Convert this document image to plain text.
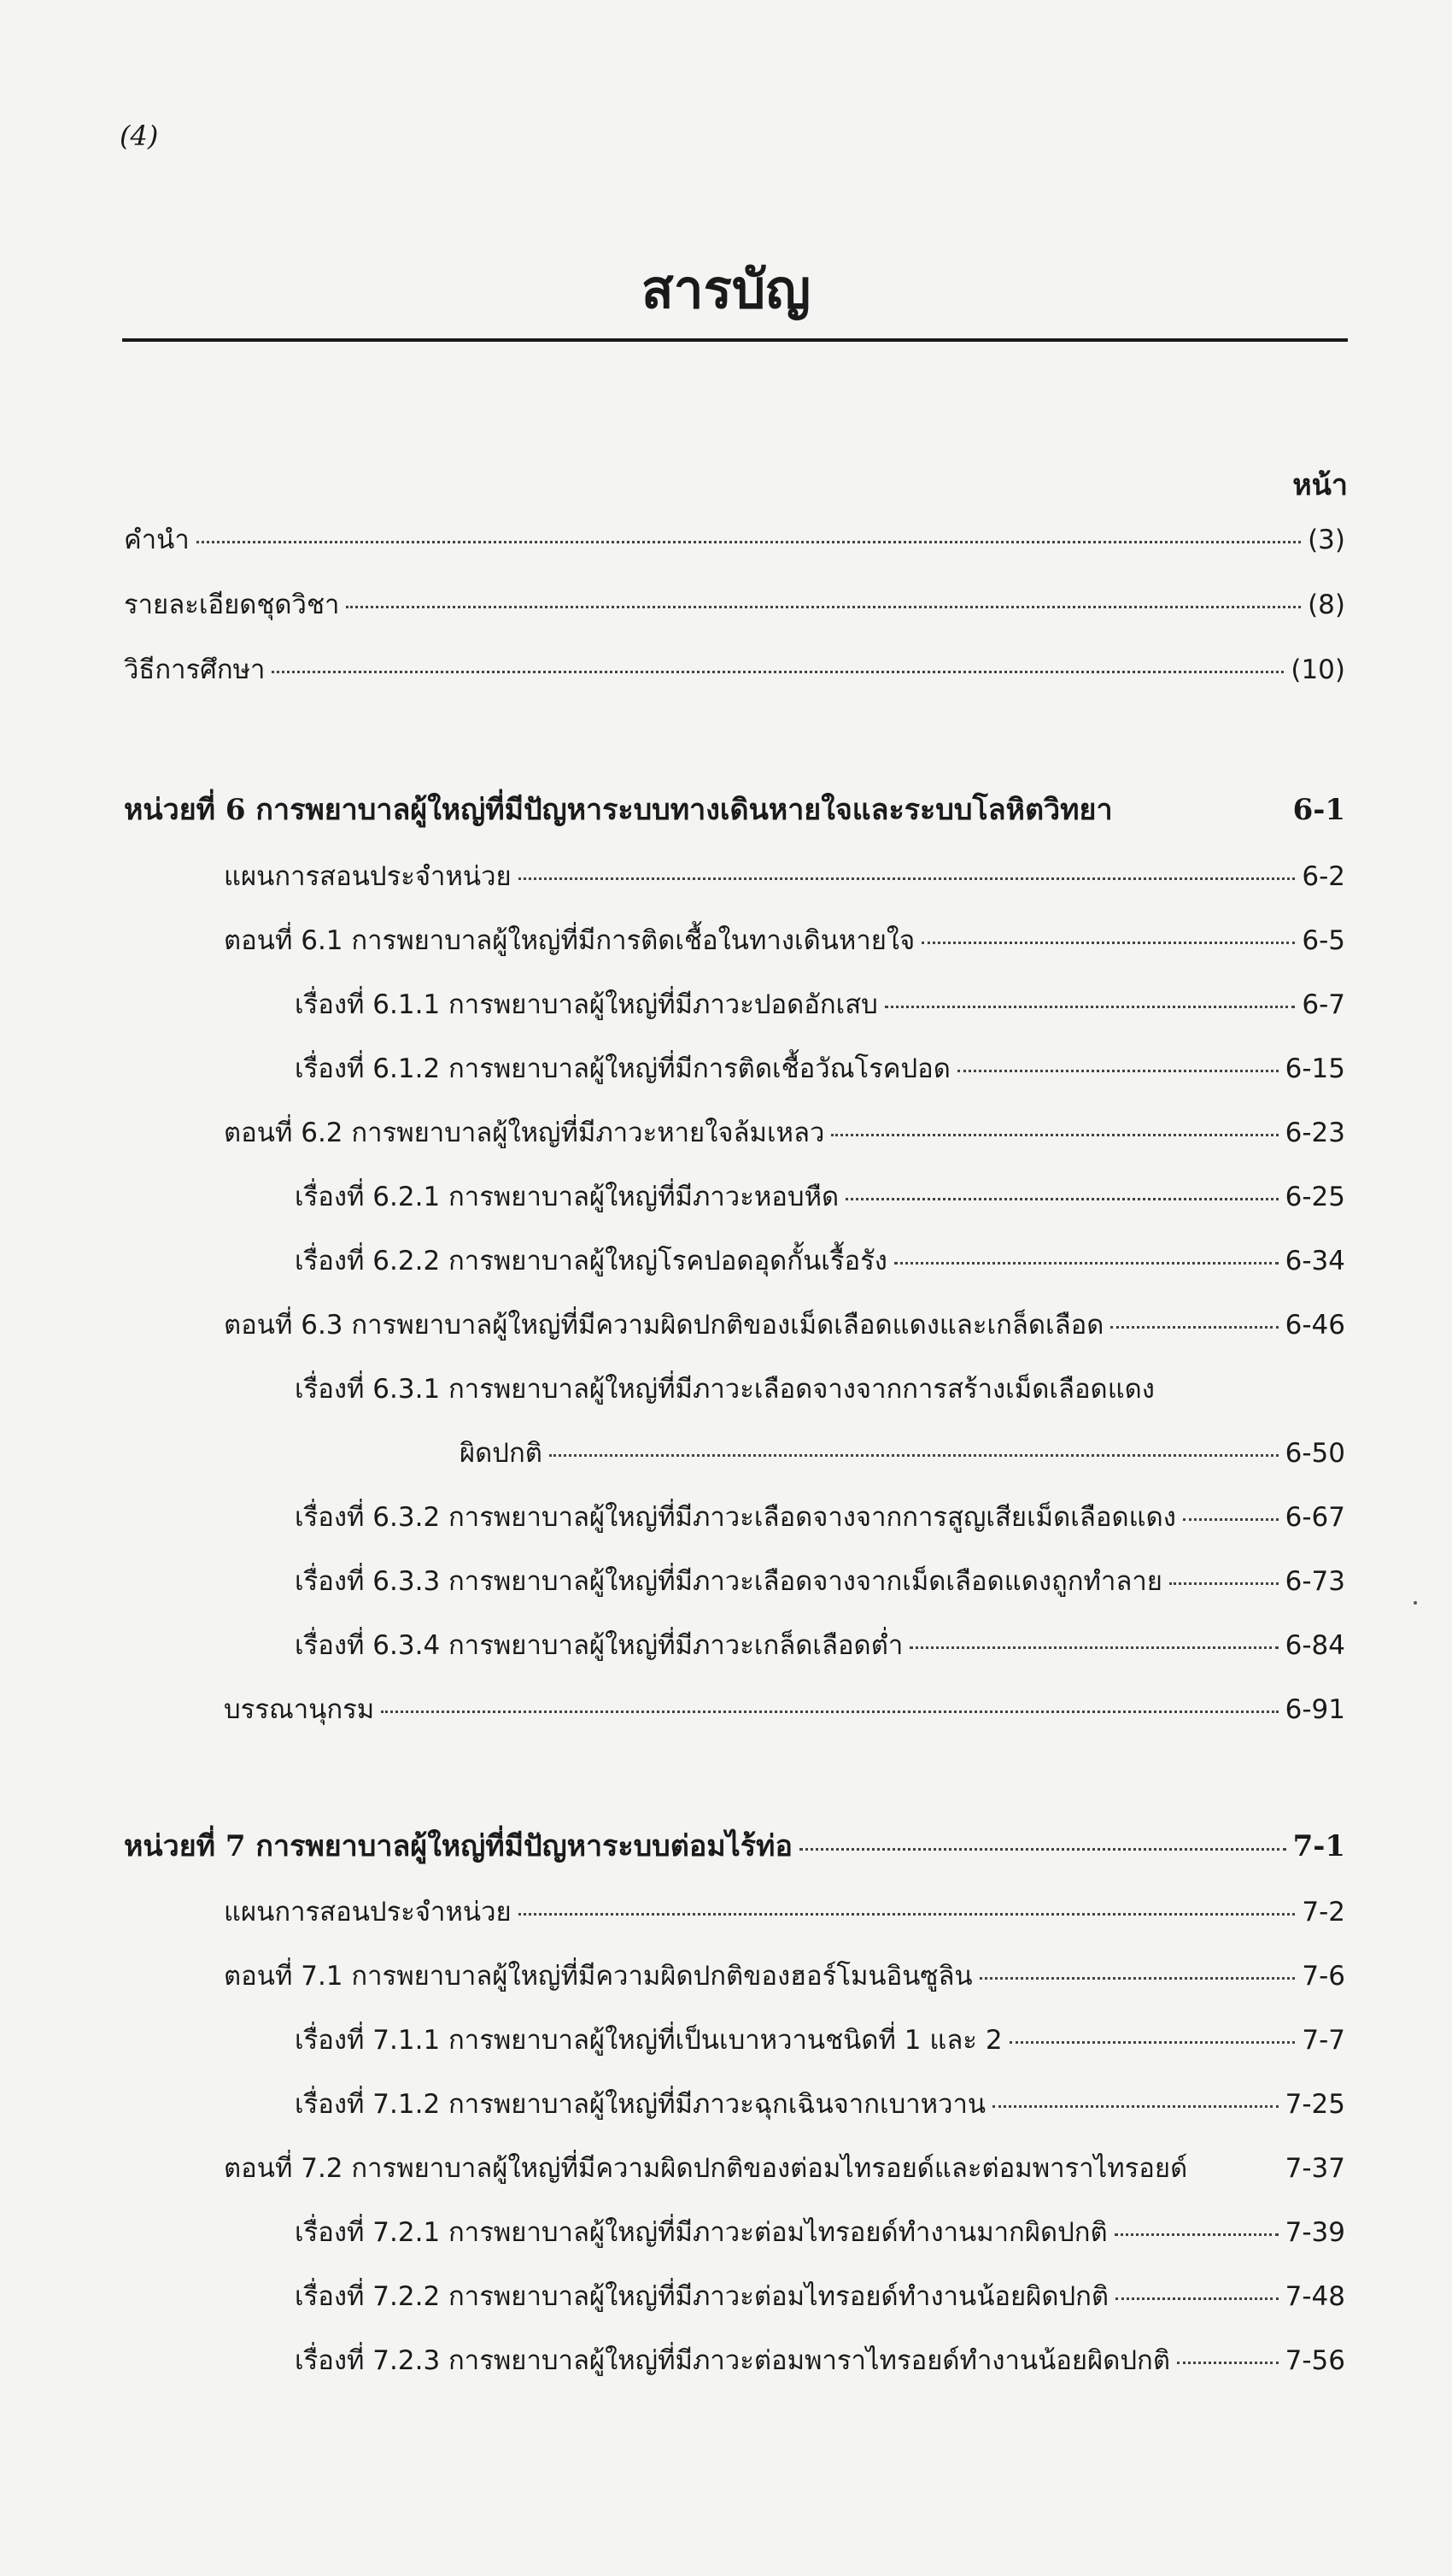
(4)
สารบัญ
หน้า
คำนำ	(3)
รายละเอียดชุดวิชา	(8)
วิธีการศึกษา	(10)
หน่วยที่ 6 การพยาบาลผู้ใหญ่ที่มีปัญหาระบบทางเดินหายใจและระบบโลหิตวิทยา	6-1
แผนการสอนประจำหน่วย	6-2
ตอนที่ 6.1 การพยาบาลผู้ใหญ่ที่มีการติดเชื้อในทางเดินหายใจ	6-5
เรื่องที่ 6.1.1 การพยาบาลผู้ใหญ่ที่มีภาวะปอดอักเสบ	6-7
เรื่องที่ 6.1.2 การพยาบาลผู้ใหญ่ที่มีการติดเชื้อวัณโรคปอด	6-15
ตอนที่ 6.2 การพยาบาลผู้ใหญ่ที่มีภาวะหายใจล้มเหลว	6-23
เรื่องที่ 6.2.1 การพยาบาลผู้ใหญ่ที่มีภาวะหอบหืด	6-25
เรื่องที่ 6.2.2 การพยาบาลผู้ใหญ่โรคปอดอุดกั้นเรื้อรัง	6-34
ตอนที่ 6.3 การพยาบาลผู้ใหญ่ที่มีความผิดปกติของเม็ดเลือดแดงและเกล็ดเลือด	6-46
เรื่องที่ 6.3.1 การพยาบาลผู้ใหญ่ที่มีภาวะเลือดจางจากการสร้างเม็ดเลือดแดง
ผิดปกติ	6-50
เรื่องที่ 6.3.2 การพยาบาลผู้ใหญ่ที่มีภาวะเลือดจางจากการสูญเสียเม็ดเลือดแดง	6-67
เรื่องที่ 6.3.3 การพยาบาลผู้ใหญ่ที่มีภาวะเลือดจางจากเม็ดเลือดแดงถูกทำลาย	6-73
เรื่องที่ 6.3.4 การพยาบาลผู้ใหญ่ที่มีภาวะเกล็ดเลือดต่ำ	6-84
บรรณานุกรม	6-91
หน่วยที่ 7 การพยาบาลผู้ใหญ่ที่มีปัญหาระบบต่อมไร้ท่อ	7-1
แผนการสอนประจำหน่วย	7-2
ตอนที่ 7.1 การพยาบาลผู้ใหญ่ที่มีความผิดปกติของฮอร์โมนอินซูลิน	7-6
เรื่องที่ 7.1.1 การพยาบาลผู้ใหญ่ที่เป็นเบาหวานชนิดที่ 1 และ 2	7-7
เรื่องที่ 7.1.2 การพยาบาลผู้ใหญ่ที่มีภาวะฉุกเฉินจากเบาหวาน	7-25
ตอนที่ 7.2 การพยาบาลผู้ใหญ่ที่มีความผิดปกติของต่อมไทรอยด์และต่อมพาราไทรอยด์	7-37
เรื่องที่ 7.2.1 การพยาบาลผู้ใหญ่ที่มีภาวะต่อมไทรอยด์ทำงานมากผิดปกติ	7-39
เรื่องที่ 7.2.2 การพยาบาลผู้ใหญ่ที่มีภาวะต่อมไทรอยด์ทำงานน้อยผิดปกติ	7-48
เรื่องที่ 7.2.3 การพยาบาลผู้ใหญ่ที่มีภาวะต่อมพาราไทรอยด์ทำงานน้อยผิดปกติ	7-56
